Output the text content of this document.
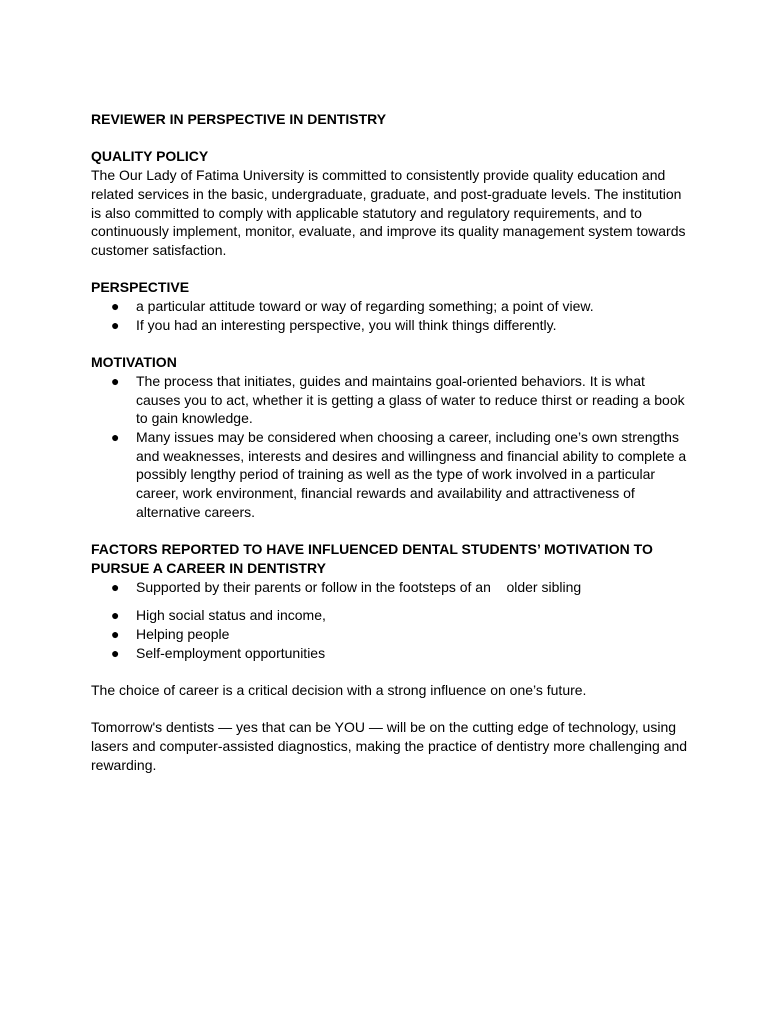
REVIEWER IN PERSPECTIVE IN DENTISTRY

QUALITY POLICY

The Our Lady of Fatima University is committed to consistently provide quality education and related services in the basic, undergraduate, graduate, and post-graduate levels. The institution is also committed to comply with applicable statutory and regulatory requirements, and to continuously implement, monitor, evaluate, and improve its quality management system towards customer satisfaction.

PERSPECTIVE

● a particular attitude toward or way of regarding something; a point of view.
● If you had an interesting perspective, you will think things differently.

MOTIVATION

● The process that initiates, guides and maintains goal-oriented behaviors. It is what causes you to act, whether it is getting a glass of water to reduce thirst or reading a book to gain knowledge.
● Many issues may be considered when choosing a career, including one’s own strengths and weaknesses, interests and desires and willingness and financial ability to complete a possibly lengthy period of training as well as the type of work involved in a particular career, work environment, financial rewards and availability and attractiveness of alternative careers.

FACTORS REPORTED TO HAVE INFLUENCED DENTAL STUDENTS’ MOTIVATION TO PURSUE A CAREER IN DENTISTRY

● Supported by their parents or follow in the footsteps of an    older sibling
● High social status and income,
● Helping people
● Self-employment opportunities

The choice of career is a critical decision with a strong influence on one’s future.

Tomorrow's dentists — yes that can be YOU — will be on the cutting edge of technology, using lasers and computer-assisted diagnostics, making the practice of dentistry more challenging and rewarding.
